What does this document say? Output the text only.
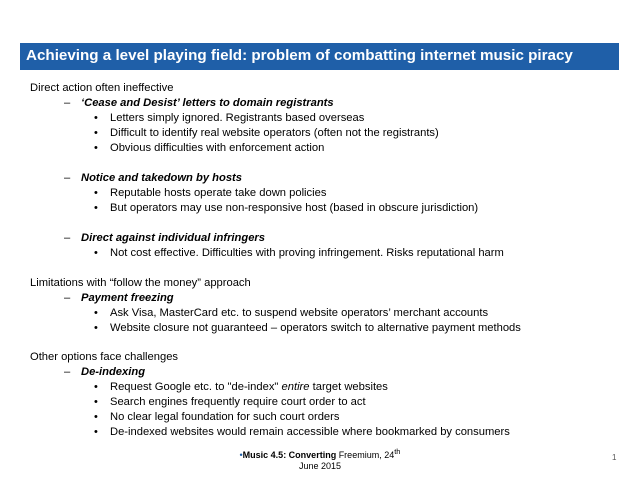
Achieving a level playing field: problem of combatting internet music piracy
Direct action often ineffective
– ‘Cease and Desist’ letters to domain registrants
• Letters simply ignored. Registrants based overseas
• Difficult to identify real website operators (often not the registrants)
• Obvious difficulties with enforcement action
– Notice and takedown by hosts
• Reputable hosts operate take down policies
• But operators may use non-responsive host (based in obscure jurisdiction)
– Direct against individual infringers
• Not cost effective. Difficulties with proving infringement. Risks reputational harm
Limitations with “follow the money” approach
– Payment freezing
• Ask Visa, MasterCard etc. to suspend website operators’ merchant accounts
• Website closure not guaranteed – operators switch to alternative payment methods
Other options face challenges
– De-indexing
• Request Google etc. to "de-index" entire target websites
• Search engines frequently require court order to act
• No clear legal foundation for such court orders
• De-indexed websites would remain accessible where bookmarked by consumers
•Music 4.5: Converting Freemium, 24th
June 2015
1
